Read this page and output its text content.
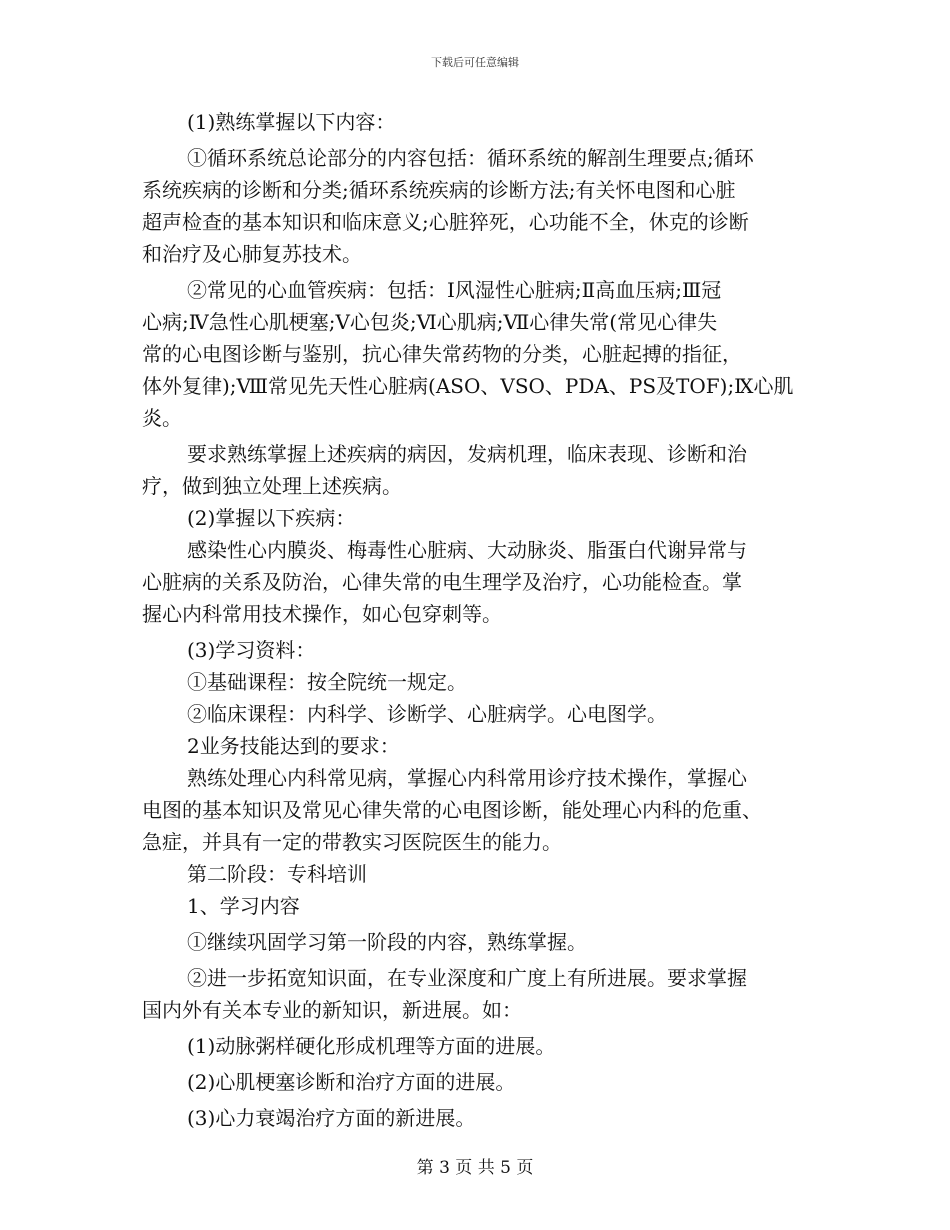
下载后可任意编辑
(1)熟练掌握以下内容：
①循环系统总论部分的内容包括：循环系统的解剖生理要点;循环
系统疾病的诊断和分类;循环系统疾病的诊断方法;有关怀电图和心脏
超声检查的基本知识和临床意义;心脏猝死，心功能不全，休克的诊断
和治疗及心肺复苏技术。
②常见的心血管疾病：包括：Ⅰ风湿性心脏病;Ⅱ高血压病;Ⅲ冠
心病;Ⅳ急性心肌梗塞;Ⅴ心包炎;Ⅵ心肌病;Ⅶ心律失常(常见心律失
常的心电图诊断与鉴别，抗心律失常药物的分类，心脏起搏的指征，
体外复律);Ⅷ常见先天性心脏病(ASO、VSO、PDA、PS及TOF);Ⅸ心肌
炎。
要求熟练掌握上述疾病的病因，发病机理，临床表现、诊断和治
疗，做到独立处理上述疾病。
(2)掌握以下疾病：
感染性心内膜炎、梅毒性心脏病、大动脉炎、脂蛋白代谢异常与
心脏病的关系及防治，心律失常的电生理学及治疗，心功能检查。掌
握心内科常用技术操作，如心包穿刺等。
(3)学习资料：
①基础课程：按全院统一规定。
②临床课程：内科学、诊断学、心脏病学。心电图学。
2业务技能达到的要求：
熟练处理心内科常见病，掌握心内科常用诊疗技术操作，掌握心
电图的基本知识及常见心律失常的心电图诊断，能处理心内科的危重、
急症，并具有一定的带教实习医院医生的能力。
第二阶段：专科培训
1、学习内容
①继续巩固学习第一阶段的内容，熟练掌握。
②进一步拓宽知识面，在专业深度和广度上有所进展。要求掌握
国内外有关本专业的新知识，新进展。如：
(1)动脉粥样硬化形成机理等方面的进展。
(2)心肌梗塞诊断和治疗方面的进展。
(3)心力衰竭治疗方面的新进展。
第 3 页 共 5 页
